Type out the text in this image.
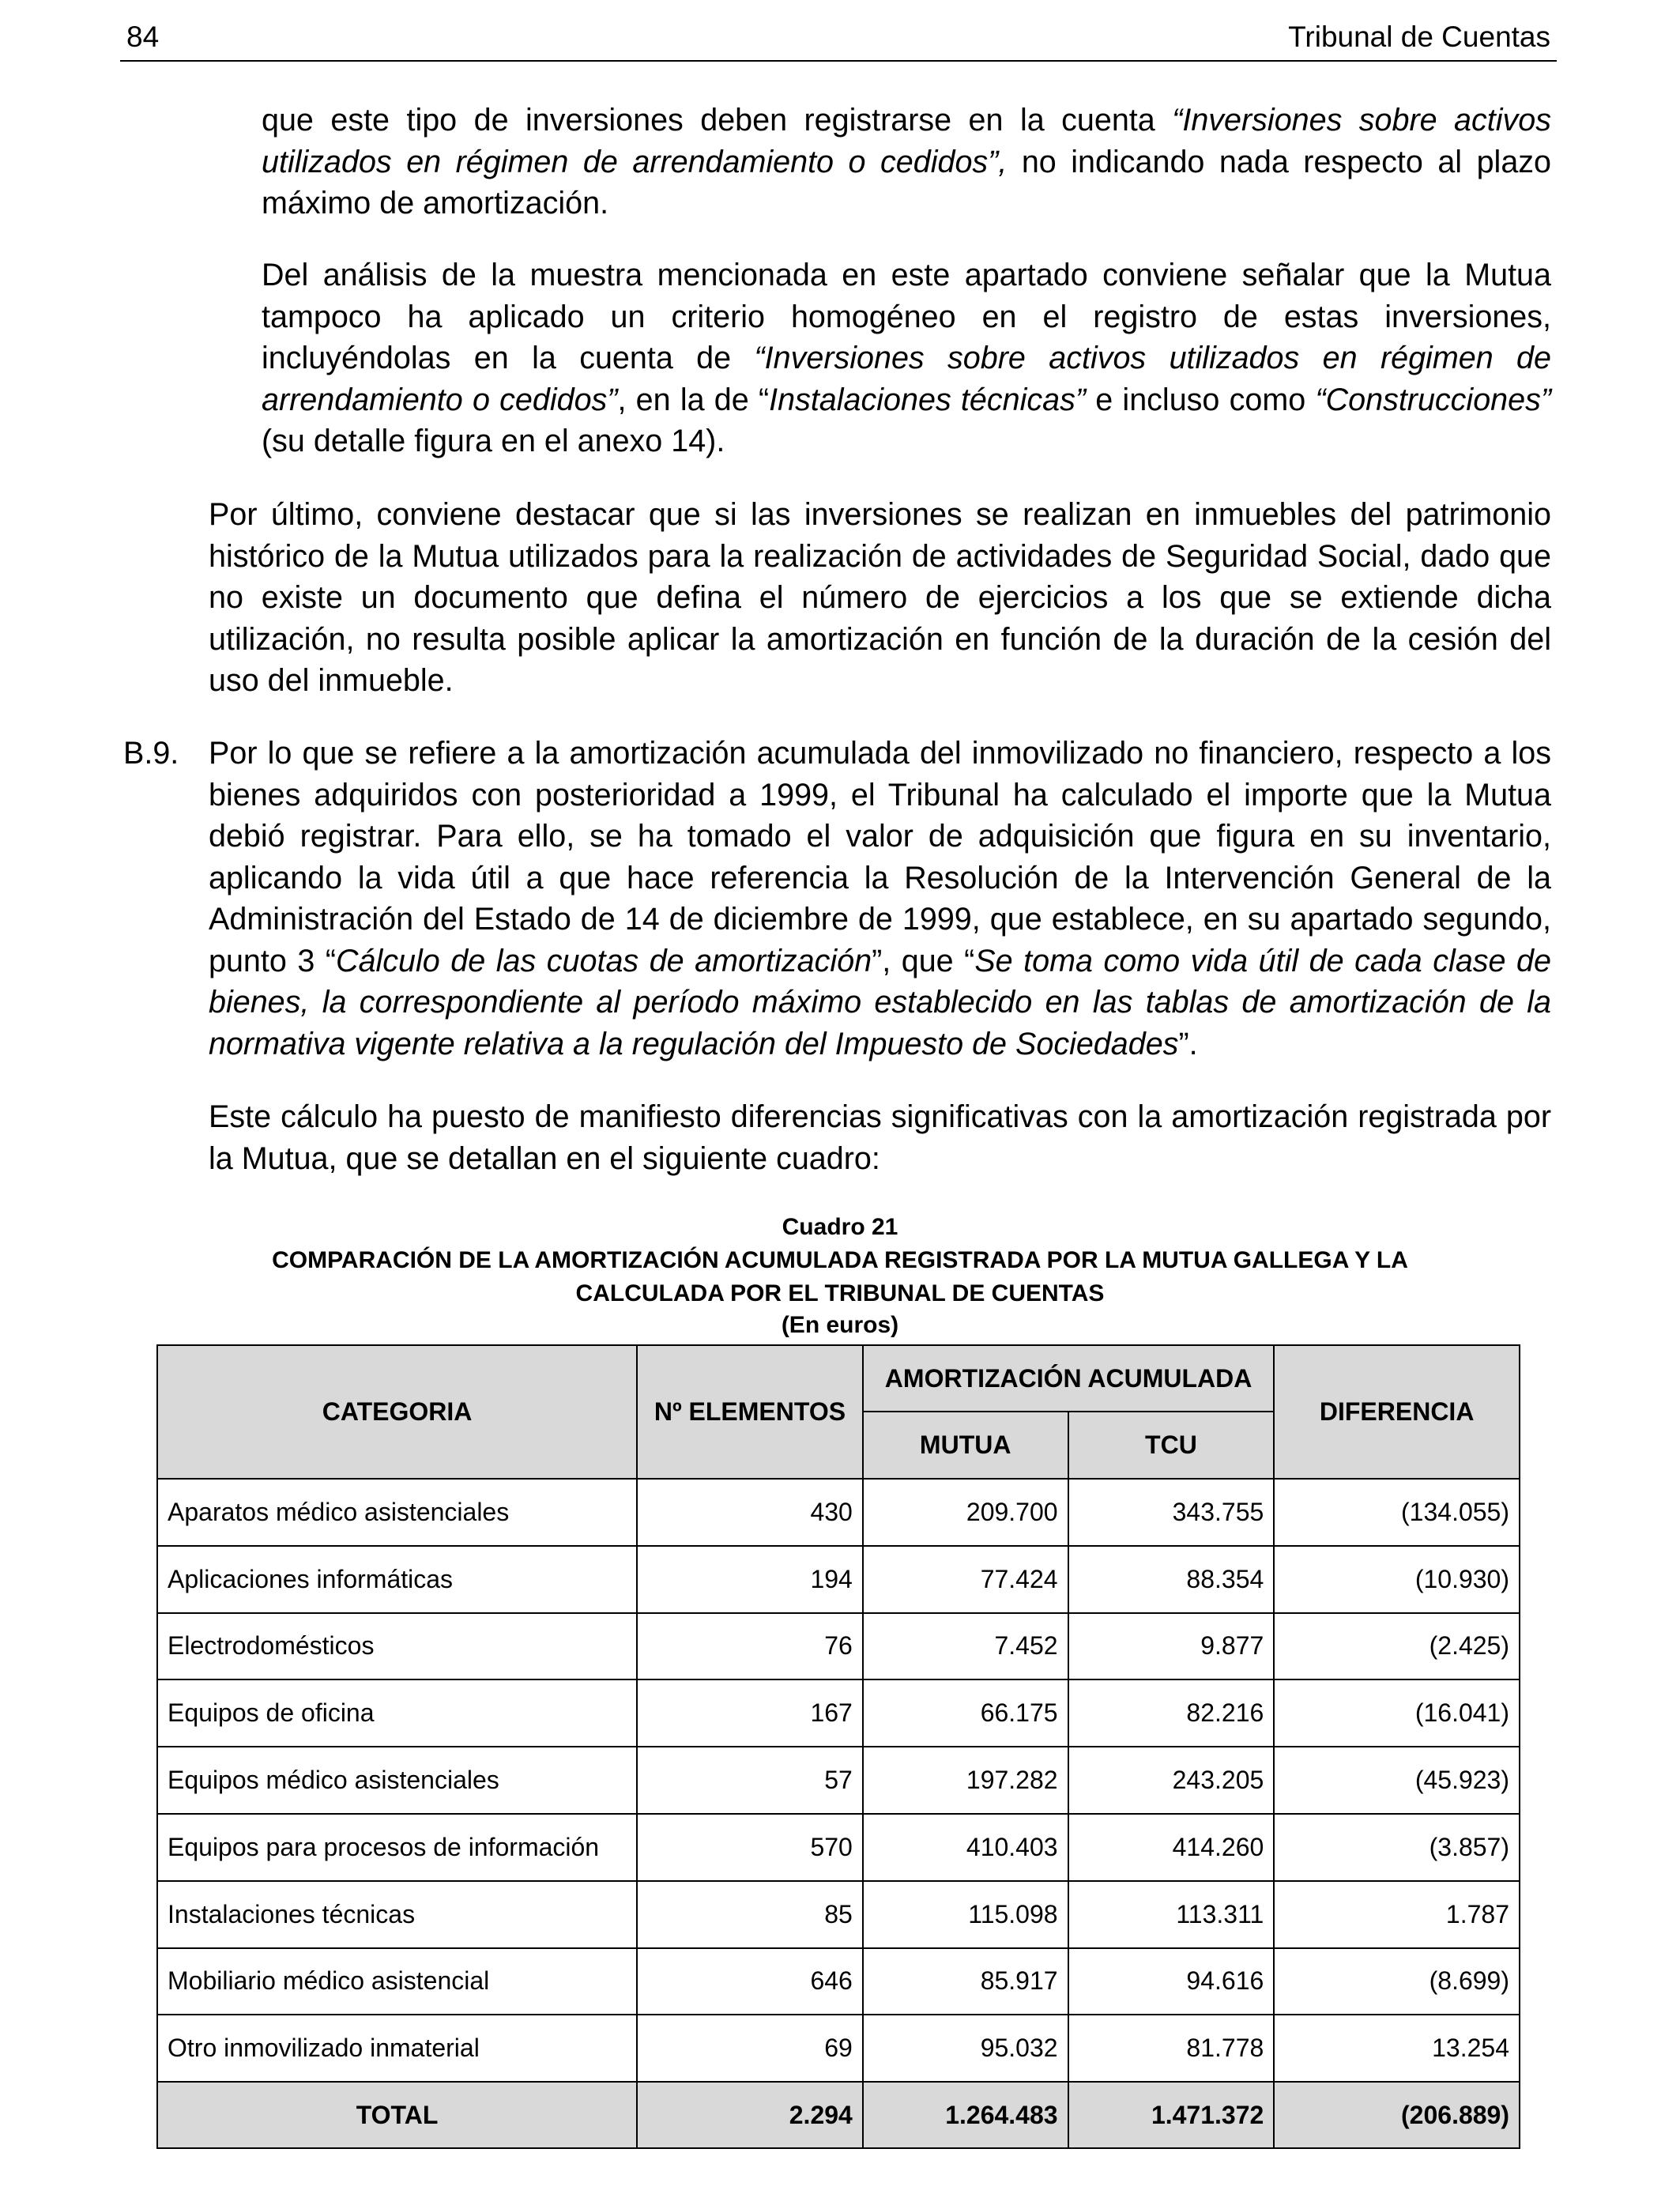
84	Tribunal de Cuentas
que este tipo de inversiones deben registrarse en la cuenta “Inversiones sobre activos utilizados en régimen de arrendamiento o cedidos”, no indicando nada respecto al plazo máximo de amortización.
Del análisis de la muestra mencionada en este apartado conviene señalar que la Mutua tampoco ha aplicado un criterio homogéneo en el registro de estas inversiones, incluyéndolas en la cuenta de “Inversiones sobre activos utilizados en régimen de arrendamiento o cedidos”, en la de “Instalaciones técnicas” e incluso como “Construcciones” (su detalle figura en el anexo 14).
Por último, conviene destacar que si las inversiones se realizan en inmuebles del patrimonio histórico de la Mutua utilizados para la realización de actividades de Seguridad Social, dado que no existe un documento que defina el número de ejercicios a los que se extiende dicha utilización, no resulta posible aplicar la amortización en función de la duración de la cesión del uso del inmueble.
B.9. Por lo que se refiere a la amortización acumulada del inmovilizado no financiero, respecto a los bienes adquiridos con posterioridad a 1999, el Tribunal ha calculado el importe que la Mutua debió registrar. Para ello, se ha tomado el valor de adquisición que figura en su inventario, aplicando la vida útil a que hace referencia la Resolución de la Intervención General de la Administración del Estado de 14 de diciembre de 1999, que establece, en su apartado segundo, punto 3 “Cálculo de las cuotas de amortización”, que “Se toma como vida útil de cada clase de bienes, la correspondiente al período máximo establecido en las tablas de amortización de la normativa vigente relativa a la regulación del Impuesto de Sociedades”.
Este cálculo ha puesto de manifiesto diferencias significativas con la amortización registrada por la Mutua, que se detallan en el siguiente cuadro:
Cuadro 21
COMPARACIÓN DE LA AMORTIZACIÓN ACUMULADA REGISTRADA POR LA MUTUA GALLEGA Y LA
CALCULADA POR EL TRIBUNAL DE CUENTAS
(En euros)
CATEGORIA	Nº ELEMENTOS	AMORTIZACIÓN ACUMULADA		DIFERENCIA
		MUTUA	TCU	
Aparatos médico asistenciales	430	209.700	343.755	(134.055)
Aplicaciones informáticas	194	77.424	88.354	(10.930)
Electrodomésticos	76	7.452	9.877	(2.425)
Equipos de oficina	167	66.175	82.216	(16.041)
Equipos médico asistenciales	57	197.282	243.205	(45.923)
Equipos para procesos de información	570	410.403	414.260	(3.857)
Instalaciones técnicas	85	115.098	113.311	1.787
Mobiliario médico asistencial	646	85.917	94.616	(8.699)
Otro inmovilizado inmaterial	69	95.032	81.778	13.254
TOTAL	2.294	1.264.483	1.471.372	(206.889)
